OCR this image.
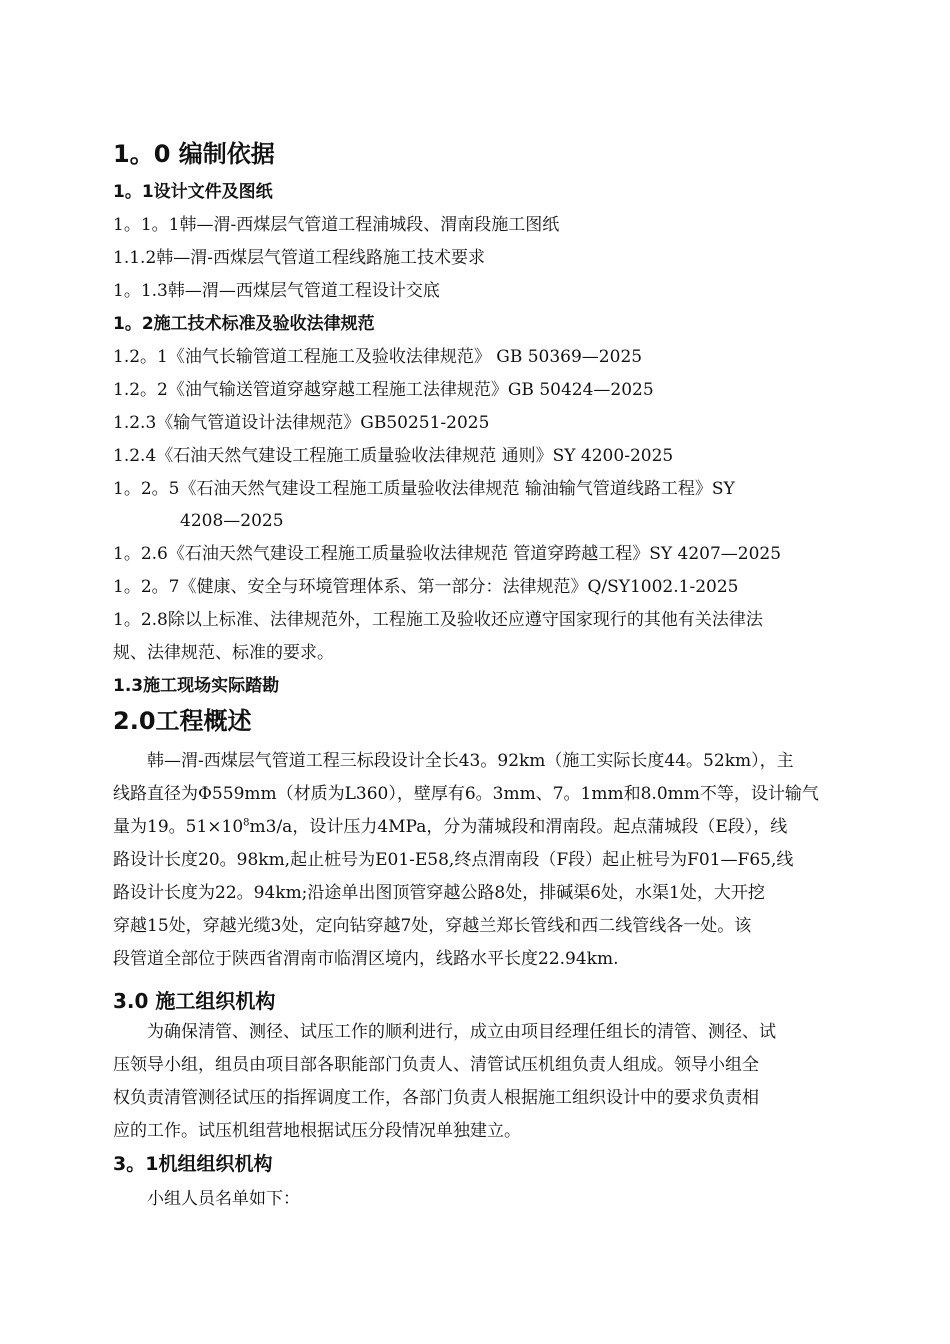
1。0 编制依据
1。1设计文件及图纸
1。1。1韩—渭-西煤层气管道工程浦城段、渭南段施工图纸
1.1.2韩—渭-西煤层气管道工程线路施工技术要求
1。1.3韩—渭—西煤层气管道工程设计交底
1。2施工技术标准及验收法律规范
1.2。1《油气长输管道工程施工及验收法律规范》 GB 50369—2025
1.2。2《油气输送管道穿越穿越工程施工法律规范》GB 50424—2025
1.2.3《输气管道设计法律规范》GB50251-2025
1.2.4《石油天然气建设工程施工质量验收法律规范 通则》SY 4200-2025
1。2。5《石油天然气建设工程施工质量验收法律规范 输油输气管道线路工程》SY
4208—2025
1。2.6《石油天然气建设工程施工质量验收法律规范 管道穿跨越工程》SY 4207—2025
1。2。7《健康、安全与环境管理体系、第一部分：法律规范》Q/SY1002.1-2025
1。2.8除以上标准、法律规范外，工程施工及验收还应遵守国家现行的其他有关法律法
规、法律规范、标准的要求。
1.3施工现场实际踏勘
2.0工程概述
韩—渭-西煤层气管道工程三标段设计全长43。92km（施工实际长度44。52km），主
线路直径为Φ559mm（材质为L360），壁厚有6。3mm、7。1mm和8.0mm不等，设计输气
量为19。$51\times 10^8m3/a$，设计压力4MPa，分为蒲城段和渭南段。起点蒲城段（E段），线
路设计长度20。98km,起止桩号为E01-E58,终点渭南段（F段）起止桩号为F01—F65,线
路设计长度为22。94km;沿途单出图顶管穿越公路8处，排碱渠6处，水渠1处，大开挖
穿越15处，穿越光缆3处，定向钻穿越7处，穿越兰郑长管线和西二线管线各一处。该
段管道全部位于陕西省渭南市临渭区境内，线路水平长度22.94km.
3.0 施工组织机构
为确保清管、测径、试压工作的顺利进行，成立由项目经理任组长的清管、测径、试
压领导小组，组员由项目部各职能部门负责人、清管试压机组负责人组成。领导小组全
权负责清管测径试压的指挥调度工作，各部门负责人根据施工组织设计中的要求负责相
应的工作。试压机组营地根据试压分段情况单独建立。
3。1机组组织机构
小组人员名单如下：
